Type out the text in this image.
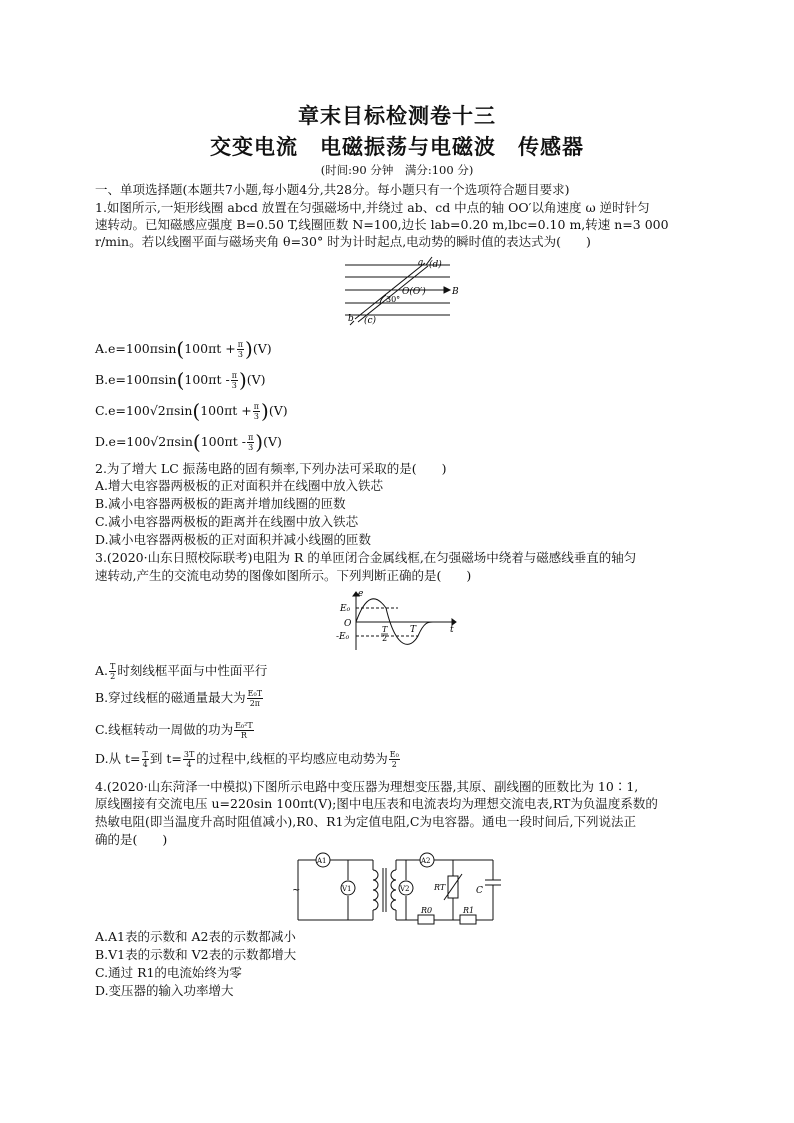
章末目标检测卷十三
交变电流　电磁振荡与电磁波　传感器
(时间:90 分钟　满分:100 分)
一、单项选择题(本题共7小题,每小题4分,共28分。每小题只有一个选项符合题目要求)
1.如图所示,一矩形线圈 abcd 放置在匀强磁场中,并绕过 ab、cd 中点的轴 OO′以角速度 ω 逆时针匀
速转动。已知磁感应强度 B=0.50 T,线圈匝数 N=100,边长 lab=0.20 m,lbc=0.10 m,转速 n=3 000
r/min。若以线圈平面与磁场夹角 θ=30° 时为计时起点,电动势的瞬时值的表达式为(　　)
a (d)
b (c)
O(O′)	B
30°
$A.e=100\pi\sin(100\pi t + \frac{\pi}{3} )(V)$
$B.e=100\pi\sin(100\pi t - \frac{\pi}{3} )(V)$
$C.e=100√2\pi\sin(100\pi t + \frac{\pi}{3} )(V)$
$D.e=100√2\pi\sin(100\pi t - \frac{\pi}{3} )(V)$
2.为了增大 LC 振荡电路的固有频率,下列办法可采取的是(　　)
A.增大电容器两极板的正对面积并在线圈中放入铁芯
B.减小电容器两极板的距离并增加线圈的匝数
C.减小电容器两极板的距离并在线圈中放入铁芯
D.减小电容器两极板的正对面积并减小线圈的匝数
3.(2020·山东日照校际联考)电阻为 R 的单匝闭合金属线框,在匀强磁场中绕着与磁感线垂直的轴匀
速转动,产生的交流电动势的图像如图所示。下列判断正确的是(　　)
e
E₀
O
-E₀
T
2
T	t
A. $\frac{T}{2}$ 时刻线框平面与中性面平行
B.穿过线框的磁通量最大为 $\frac{\text{E₀T}}{2\pi}$
C.线框转动一周做的功为 $\frac{\text{E₀²T}}{R}$
D.从 $t= \frac{T}{4}$ 到 $t= \frac{3T}{4}$ 的过程中,线框的平均感应电动势为 $\frac{\text{E₀}}{2}$
4.(2020·山东菏泽一中模拟)下图所示电路中变压器为理想变压器,其原、副线圈的匝数比为 10∶1,
原线圈接有交流电压 u=220sin 100πt(V);图中电压表和电流表均为理想交流电表,RT为负温度系数的
热敏电阻(即当温度升高时阻值减小),R0、R1为定值电阻,C为电容器。通电一段时间后,下列说法正
确的是(　　)
A1
V1
A2
V2	RT	C
R0	R1
~
A.A1表的示数和 A2表的示数都减小
B.V1表的示数和 V2表的示数都增大
C.通过 R1的电流始终为零
D.变压器的输入功率增大
